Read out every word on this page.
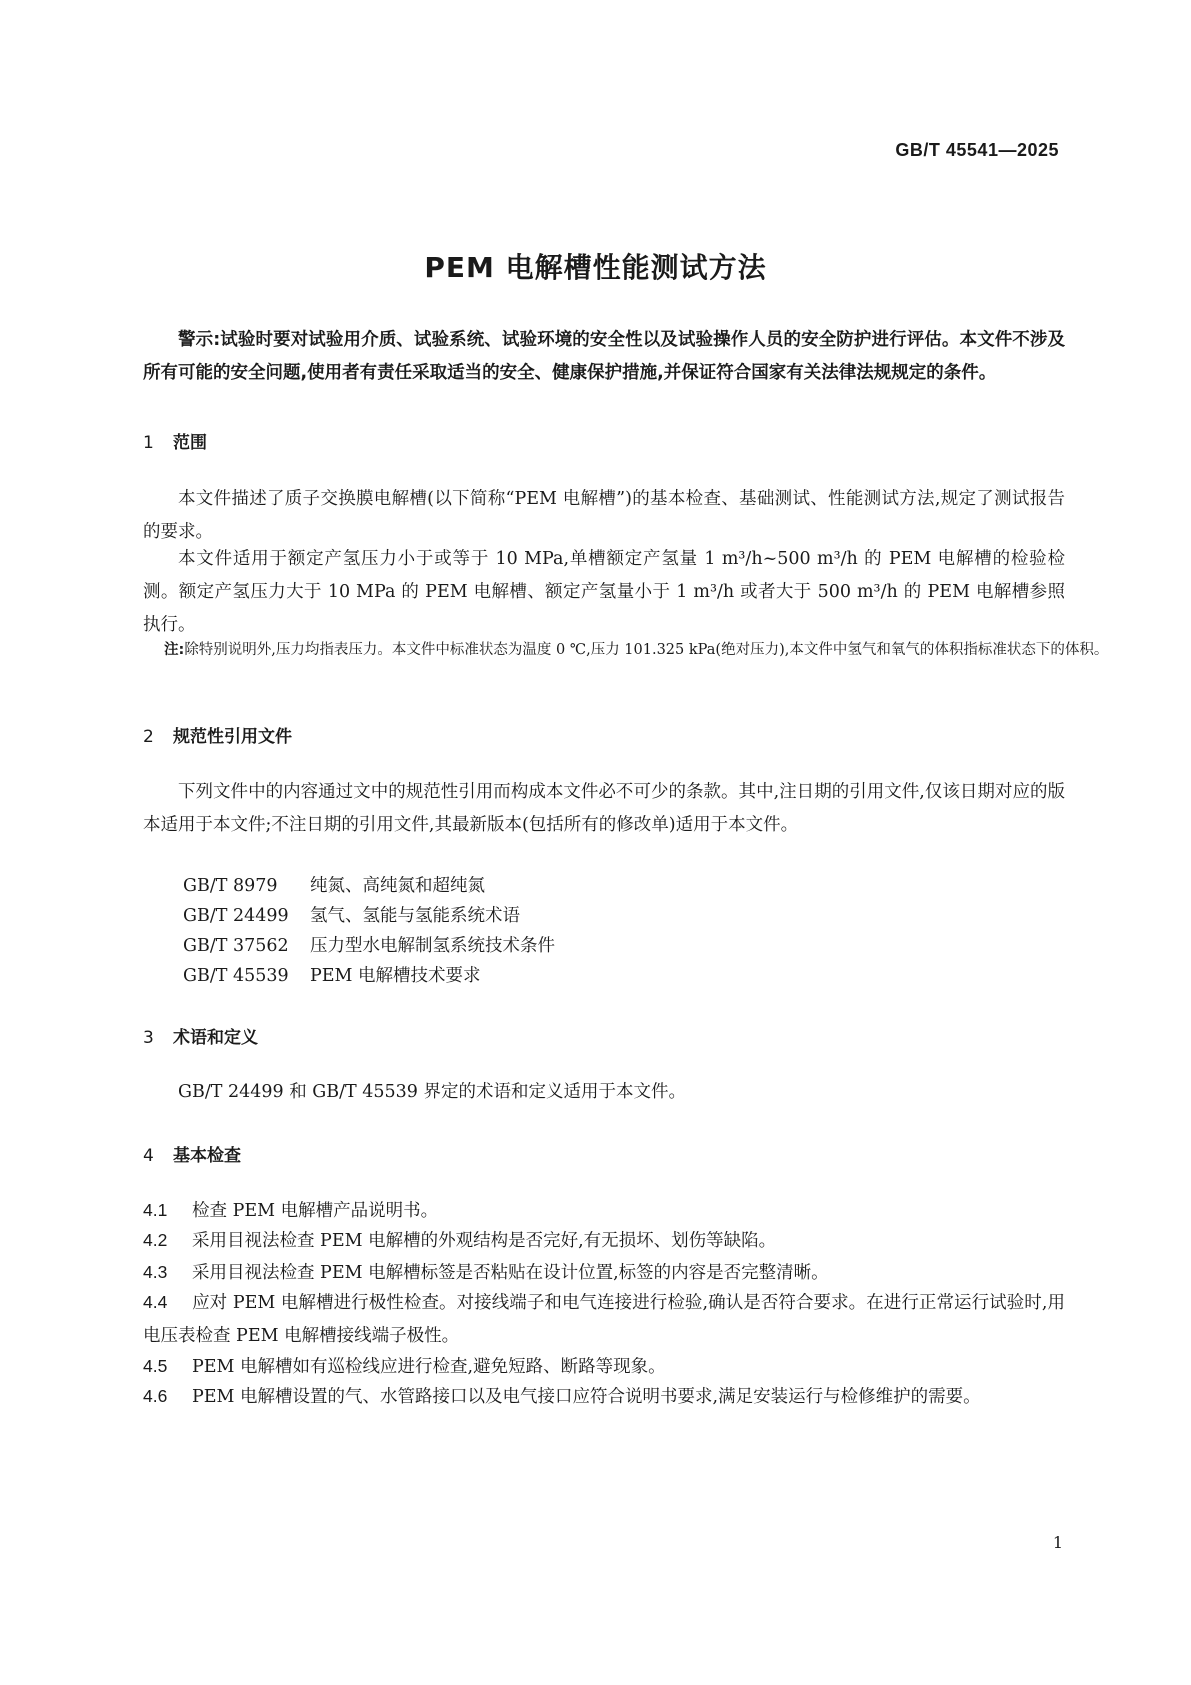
GB/T 45541—2025
PEM 电解槽性能测试方法
警示:试验时要对试验用介质、试验系统、试验环境的安全性以及试验操作人员的安全防护进行评估。本文件不涉及所有可能的安全问题,使用者有责任采取适当的安全、健康保护措施,并保证符合国家有关法律法规规定的条件。
1 范围
本文件描述了质子交换膜电解槽(以下简称“PEM 电解槽”)的基本检查、基础测试、性能测试方法,规定了测试报告的要求。
本文件适用于额定产氢压力小于或等于 10 MPa,单槽额定产氢量 1 m³/h~500 m³/h 的 PEM 电解槽的检验检测。额定产氢压力大于 10 MPa 的 PEM 电解槽、额定产氢量小于 1 m³/h 或者大于 500 m³/h 的 PEM 电解槽参照执行。
注:除特别说明外,压力均指表压力。本文件中标准状态为温度 0 ℃,压力 101.325 kPa(绝对压力),本文件中氢气和氧气的体积指标准状态下的体积。
2 规范性引用文件
下列文件中的内容通过文中的规范性引用而构成本文件必不可少的条款。其中,注日期的引用文件,仅该日期对应的版本适用于本文件;不注日期的引用文件,其最新版本(包括所有的修改单)适用于本文件。
GB/T 8979 纯氮、高纯氮和超纯氮
GB/T 24499 氢气、氢能与氢能系统术语
GB/T 37562 压力型水电解制氢系统技术条件
GB/T 45539 PEM 电解槽技术要求
3 术语和定义
GB/T 24499 和 GB/T 45539 界定的术语和定义适用于本文件。
4 基本检查
4.1 检查 PEM 电解槽产品说明书。
4.2 采用目视法检查 PEM 电解槽的外观结构是否完好,有无损坏、划伤等缺陷。
4.3 采用目视法检查 PEM 电解槽标签是否粘贴在设计位置,标签的内容是否完整清晰。
4.4 应对 PEM 电解槽进行极性检查。对接线端子和电气连接进行检验,确认是否符合要求。在进行正常运行试验时,用电压表检查 PEM 电解槽接线端子极性。
4.5 PEM 电解槽如有巡检线应进行检查,避免短路、断路等现象。
4.6 PEM 电解槽设置的气、水管路接口以及电气接口应符合说明书要求,满足安装运行与检修维护的需要。
1
